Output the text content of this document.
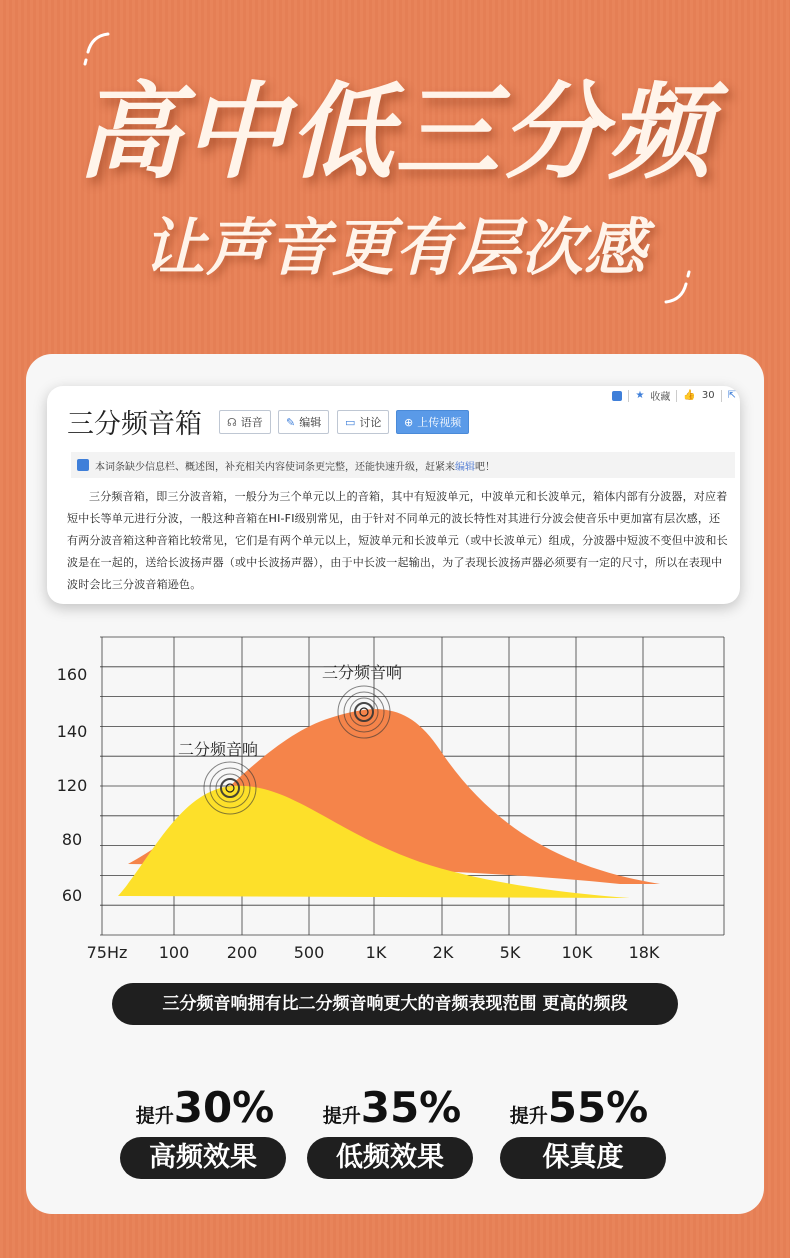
高中低三分频
让声音更有层次感
★ 收藏 👍 30 ⇱
三分频音箱 ☊ 语音 ✎ 编辑 ▭ 讨论 ⊕ 上传视频
本词条缺少信息栏、概述图，补充相关内容使词条更完整，还能快速升级，赶紧来编辑吧！
三分频音箱，即三分波音箱，一般分为三个单元以上的音箱，其中有短波单元，中波单元和长波单元，箱体内部有分波器，对应着短中长等单元进行分波，一般这种音箱在HI-FI级别常见，由于针对不同单元的波长特性对其进行分波会使音乐中更加富有层次感，还有两分波音箱这种音箱比较常见，它们是有两个单元以上，短波单元和长波单元（或中长波单元）组成，分波器中短波不变但中波和长波是在一起的，送给长波扬声器（或中长波扬声器），由于中长波一起输出，为了表现长波扬声器必须要有一定的尺寸，所以在表现中波时会比三分波音箱逊色。
160
140
120
80
60
75Hz 100 200 500	1K	2K	5K	10K 18K
三分频音响
二分频音响
三分频音响拥有比二分频音响更大的音频表现范围 更高的频段
提升30%	提升35%	提升55%
高频效果	低频效果	保真度
